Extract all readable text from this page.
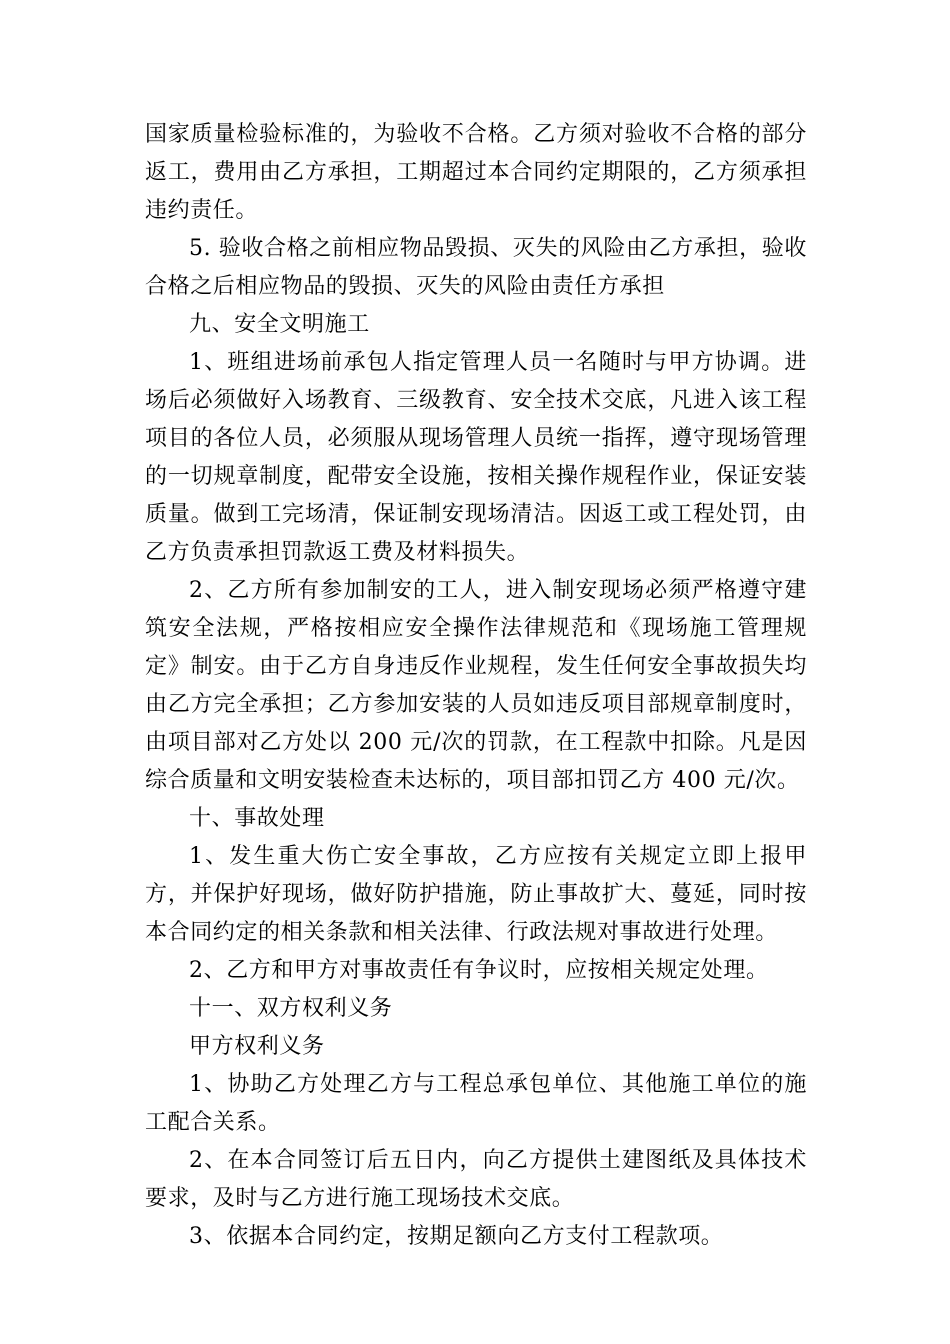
国家质量检验标准的，为验收不合格。乙方须对验收不合格的部分返工，费用由乙方承担，工期超过本合同约定期限的，乙方须承担违约责任。

5. 验收合格之前相应物品毁损、灭失的风险由乙方承担，验收合格之后相应物品的毁损、灭失的风险由责任方承担

九、安全文明施工

1、班组进场前承包人指定管理人员一名随时与甲方协调。进场后必须做好入场教育、三级教育、安全技术交底，凡进入该工程项目的各位人员，必须服从现场管理人员统一指挥，遵守现场管理的一切规章制度，配带安全设施，按相关操作规程作业，保证安装质量。做到工完场清，保证制安现场清洁。因返工或工程处罚，由乙方负责承担罚款返工费及材料损失。

2、乙方所有参加制安的工人，进入制安现场必须严格遵守建筑安全法规，严格按相应安全操作法律规范和《现场施工管理规定》制安。由于乙方自身违反作业规程，发生任何安全事故损失均由乙方完全承担；乙方参加安装的人员如违反项目部规章制度时，由项目部对乙方处以 200 元/次的罚款，在工程款中扣除。凡是因综合质量和文明安装检查未达标的，项目部扣罚乙方 400 元/次。

十、事故处理

1、发生重大伤亡安全事故，乙方应按有关规定立即上报甲方，并保护好现场，做好防护措施，防止事故扩大、蔓延，同时按本合同约定的相关条款和相关法律、行政法规对事故进行处理。

2、乙方和甲方对事故责任有争议时，应按相关规定处理。

十一、双方权利义务

甲方权利义务

1、协助乙方处理乙方与工程总承包单位、其他施工单位的施工配合关系。

2、在本合同签订后五日内，向乙方提供土建图纸及具体技术要求，及时与乙方进行施工现场技术交底。

3、依据本合同约定，按期足额向乙方支付工程款项。
